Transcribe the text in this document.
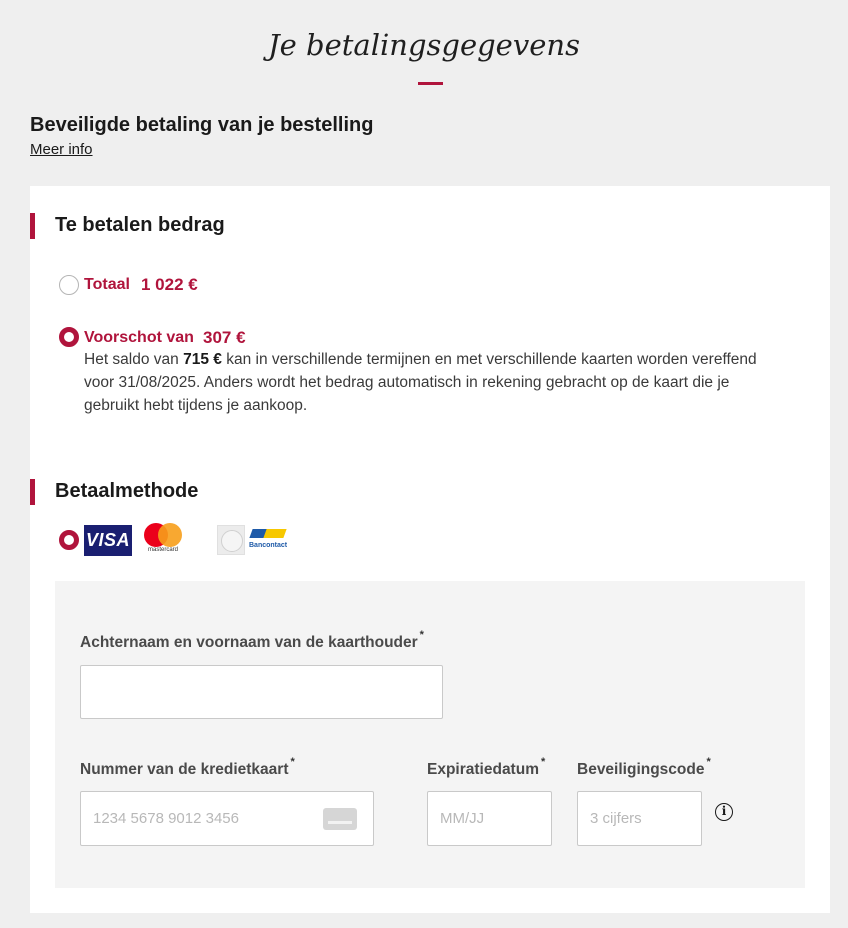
Je betalingsgegevens
Beveiligde betaling van je bestelling
Meer info
Te betalen bedrag
Totaal 1 022 €
Voorschot van 307 €
Het saldo van 715 € kan in verschillende termijnen en met verschillende kaarten worden vereffend voor 31/08/2025. Anders wordt het bedrag automatisch in rekening gebracht op de kaart die je gebruikt hebt tijdens je aankoop.
Betaalmethode
VISA	mastercard
Bancontact
Achternaam en voornaam van de kaarthouder *
Nummer van de kredietkaart *
1234 5678 9012 3456	Expiratiedatum *
MM/JJ Beveiligingscode *
3 cijfers
i
